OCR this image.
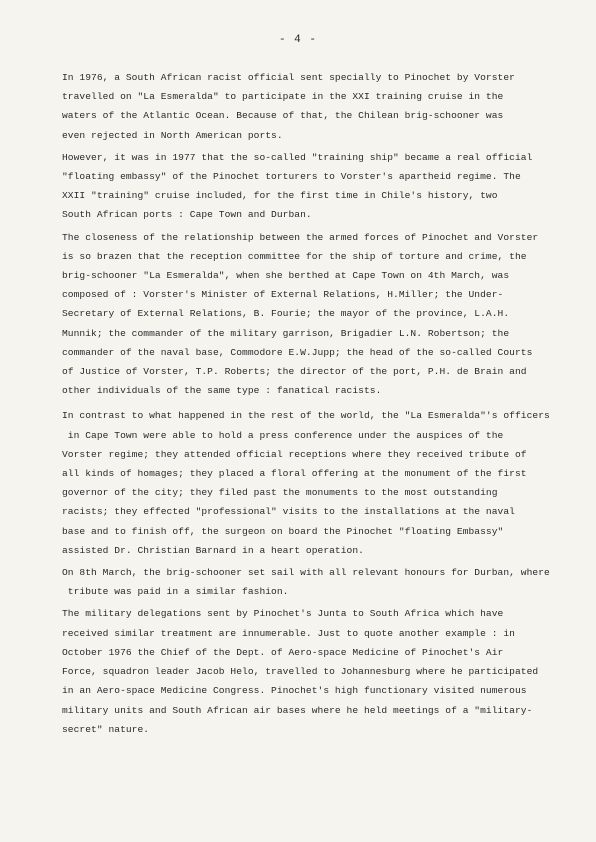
- 4 -
In 1976, a South African racist official sent specially to Pinochet by Vorster
travelled on "La Esmeralda" to participate in the XXI training cruise in the
waters of the Atlantic Ocean. Because of that, the Chilean brig-schooner was
even rejected in North American ports.
However, it was in 1977 that the so-called "training ship" became a real official
"floating embassy" of the Pinochet torturers to Vorster's apartheid regime. The
XXII "training" cruise included, for the first time in Chile's history, two
South African ports : Cape Town and Durban.
The closeness of the relationship between the armed forces of Pinochet and Vorster
is so brazen that the reception committee for the ship of torture and crime, the
brig-schooner "La Esmeralda", when she berthed at Cape Town on 4th March, was
composed of : Vorster's Minister of External Relations, H.Miller; the Under-
Secretary of External Relations, B. Fourie; the mayor of the province, L.A.H.
Munnik; the commander of the military garrison, Brigadier L.N. Robertson; the
commander of the naval base, Commodore E.W.Jupp; the head of the so-called Courts
of Justice of Vorster, T.P. Roberts; the director of the port, P.H. de Brain and
other individuals of the same type : fanatical racists.
In contrast to what happened in the rest of the world, the "La Esmeralda"'s officers
in Cape Town were able to hold a press conference under the auspices of the
Vorster regime; they attended official receptions where they received tribute of
all kinds of homages; they placed a floral offering at the monument of the first
governor of the city; they filed past the monuments to the most outstanding
racists; they effected "professional" visits to the installations at the naval
base and to finish off, the surgeon on board the Pinochet "floating Embassy"
assisted Dr. Christian Barnard in a heart operation.
On 8th March, the brig-schooner set sail with all relevant honours for Durban, where
tribute was paid in a similar fashion.
The military delegations sent by Pinochet's Junta to South Africa which have
received similar treatment are innumerable. Just to quote another example : in
October 1976 the Chief of the Dept. of Aero-space Medicine of Pinochet's Air
Force, squadron leader Jacob Helo, travelled to Johannesburg where he participated
in an Aero-space Medicine Congress. Pinochet's high functionary visited numerous
military units and South African air bases where he held meetings of a "military-
secret" nature.
